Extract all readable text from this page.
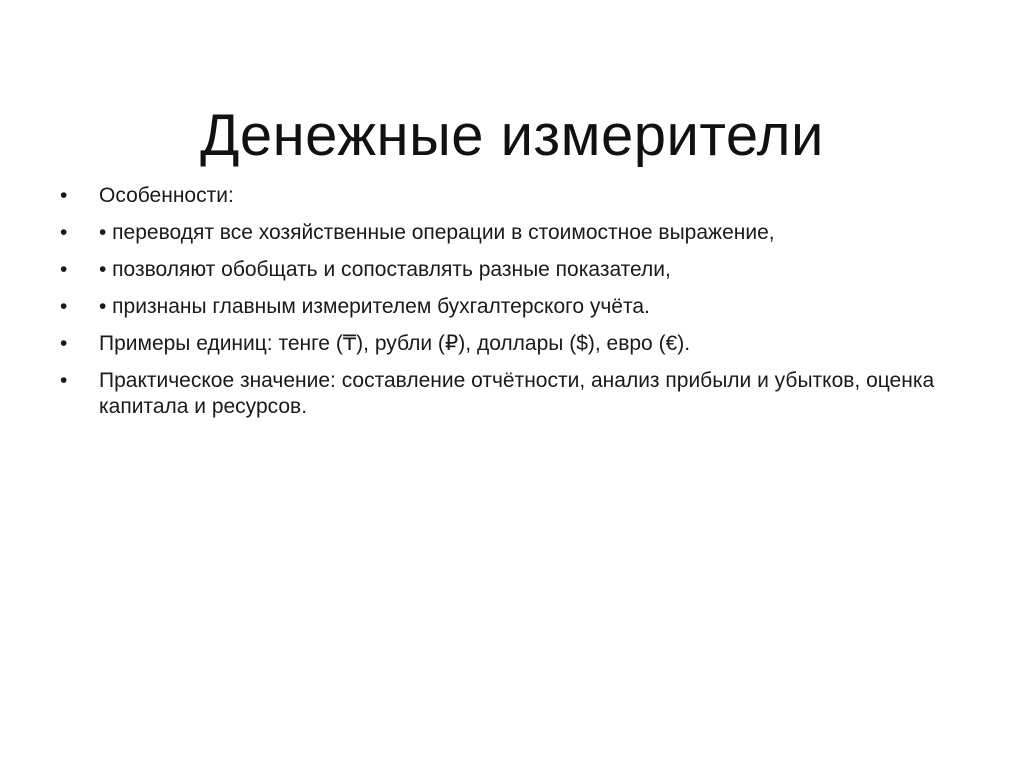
Денежные измерители
•	Особенности:
•	• переводят все хозяйственные операции в стоимостное выражение,
•	• позволяют обобщать и сопоставлять разные показатели,
•	• признаны главным измерителем бухгалтерского учёта.
•	Примеры единиц: тенге (₸), рубли (₽), доллары ($), евро (€).
•	Практическое значение: составление отчётности, анализ прибыли и убытков, оценка капитала и ресурсов.
